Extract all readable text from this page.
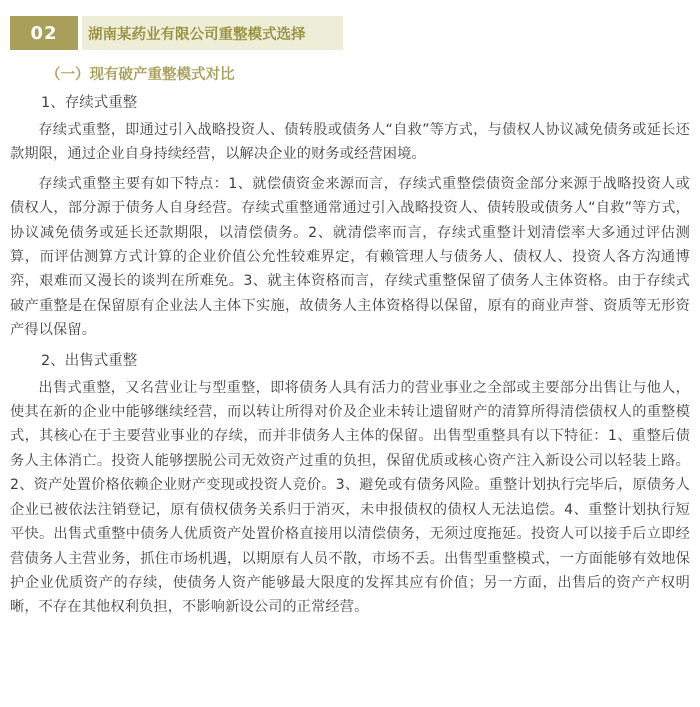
02	湖南某药业有限公司重整模式选择
（一）现有破产重整模式对比
1、存续式重整

存续式重整，即通过引入战略投资人、债转股或债务人“自救”等方式，与债权人协议减免债务或延长还款期限，通过企业自身持续经营，以解决企业的财务或经营困境。

存续式重整主要有如下特点：1、就偿债资金来源而言，存续式重整偿债资金部分来源于战略投资人或债权人，部分源于债务人自身经营。存续式重整通常通过引入战略投资人、债转股或债务人“自救”等方式，协议减免债务或延长还款期限，以清偿债务。2、就清偿率而言，存续式重整计划清偿率大多通过评估测算，而评估测算方式计算的企业价值公允性较难界定，有赖管理人与债务人、债权人、投资人各方沟通博弈，艰难而又漫长的谈判在所难免。3、就主体资格而言，存续式重整保留了债务人主体资格。由于存续式破产重整是在保留原有企业法人主体下实施，故债务人主体资格得以保留，原有的商业声誉、资质等无形资产得以保留。

2、出售式重整

出售式重整，又名营业让与型重整，即将债务人具有活力的营业事业之全部或主要部分出售让与他人，使其在新的企业中能够继续经营，而以转让所得对价及企业未转让遗留财产的清算所得清偿债权人的重整模式，其核心在于主要营业事业的存续，而并非债务人主体的保留。出售型重整具有以下特征：1、重整后债务人主体消亡。投资人能够摆脱公司无效资产过重的负担，保留优质或核心资产注入新设公司以轻装上路。2、资产处置价格依赖企业财产变现或投资人竞价。3、避免或有债务风险。重整计划执行完毕后，原债务人企业已被依法注销登记，原有债权债务关系归于消灭，未申报债权的债权人无法追偿。4、重整计划执行短平快。出售式重整中债务人优质资产处置价格直接用以清偿债务，无须过度拖延。投资人可以接手后立即经营债务人主营业务，抓住市场机遇，以期原有人员不散，市场不丢。出售型重整模式，一方面能够有效地保护企业优质资产的存续，使债务人资产能够最大限度的发挥其应有价值；另一方面，出售后的资产产权明晰，不存在其他权利负担，不影响新设公司的正常经营。
